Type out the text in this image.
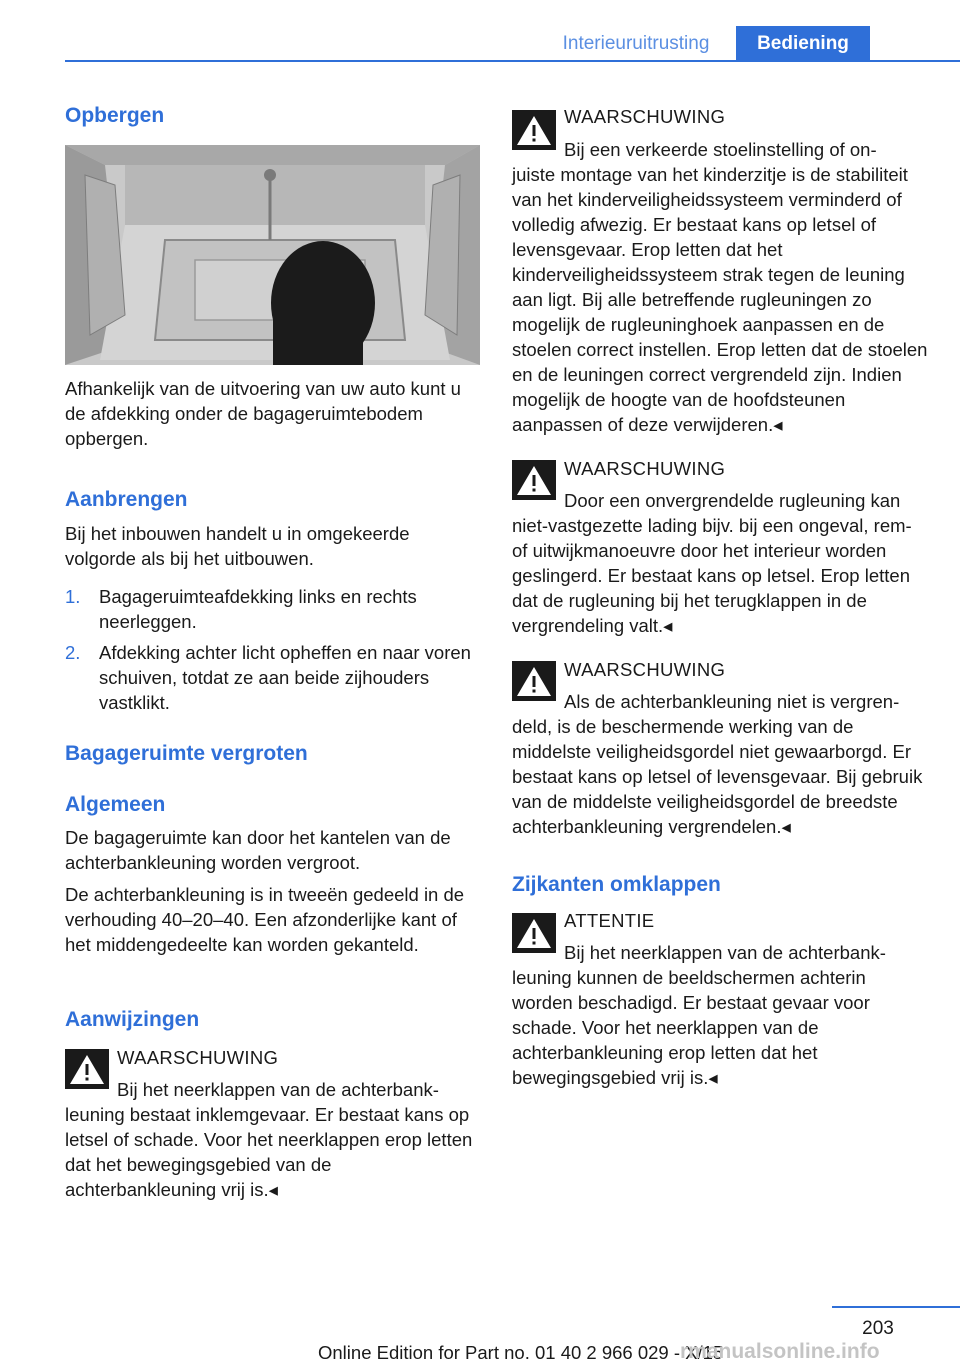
Interieuruitrusting	Bediening
Opbergen

Afhankelijk van de uitvoering van uw auto kunt u de afdekking onder de bagageruimtebodem opbergen.

Aanbrengen

Bij het inbouwen handelt u in omgekeerde volgorde als bij het uitbouwen.

1. Bagageruimteafdekking links en rechts neerleggen.

2. Afdekking achter licht opheffen en naar voren schuiven, totdat ze aan beide zijhouders vastklikt.

Bagageruimte vergroten
Algemeen

De bagageruimte kan door het kantelen van de achterbankleuning worden vergroot.

De achterbankleuning is in tweeën gedeeld in de verhouding 40–20–40. Een afzonderlijke kant of het middengedeelte kan worden gekanteld.

Aanwijzingen
WAARSCHUWING

Bij het neerklappen van de achterbank-

leuning bestaat inklemgevaar. Er bestaat kans op letsel of schade. Voor het neerklappen erop letten dat het bewegingsgebied van de achterbankleuning vrij is.◂

WAARSCHUWING

Bij een verkeerde stoelinstelling of on-

juiste montage van het kinderzitje is de stabiliteit van het kinderveiligheidssysteem verminderd of volledig afwezig. Er bestaat kans op letsel of levensgevaar. Erop letten dat het kinderveiligheidssysteem strak tegen de leuning aan ligt. Bij alle betreffende rugleuningen zo mogelijk de rugleuninghoek aanpassen en de stoelen correct instellen. Erop letten dat de stoelen en de leuningen correct vergrendeld zijn. Indien mogelijk de hoogte van de hoofdsteunen aanpassen of deze verwijderen.◂

WAARSCHUWING

Door een onvergrendelde rugleuning kan

niet-vastgezette lading bijv. bij een ongeval, rem- of uitwijkmanoeuvre door het interieur worden geslingerd. Er bestaat kans op letsel. Erop letten dat de rugleuning bij het terugklappen in de vergrendeling valt.◂

WAARSCHUWING

Als de achterbankleuning niet is vergren-

deld, is de beschermende werking van de middelste veiligheidsgordel niet gewaarborgd. Er bestaat kans op letsel of levensgevaar. Bij gebruik van de middelste veiligheidsgordel de breedste achterbankleuning vergrendelen.◂

Zijkanten omklappen
ATTENTIE

Bij het neerklappen van de achterbank-

leuning kunnen de beeldschermen achterin worden beschadigd. Er bestaat gevaar voor schade. Voor het neerklappen van de achterbankleuning erop letten dat het bewegingsgebied vrij is.◂

203
Online Edition for Part no. 01 40 2 966 029 - X/15
rmanualsonline.info
